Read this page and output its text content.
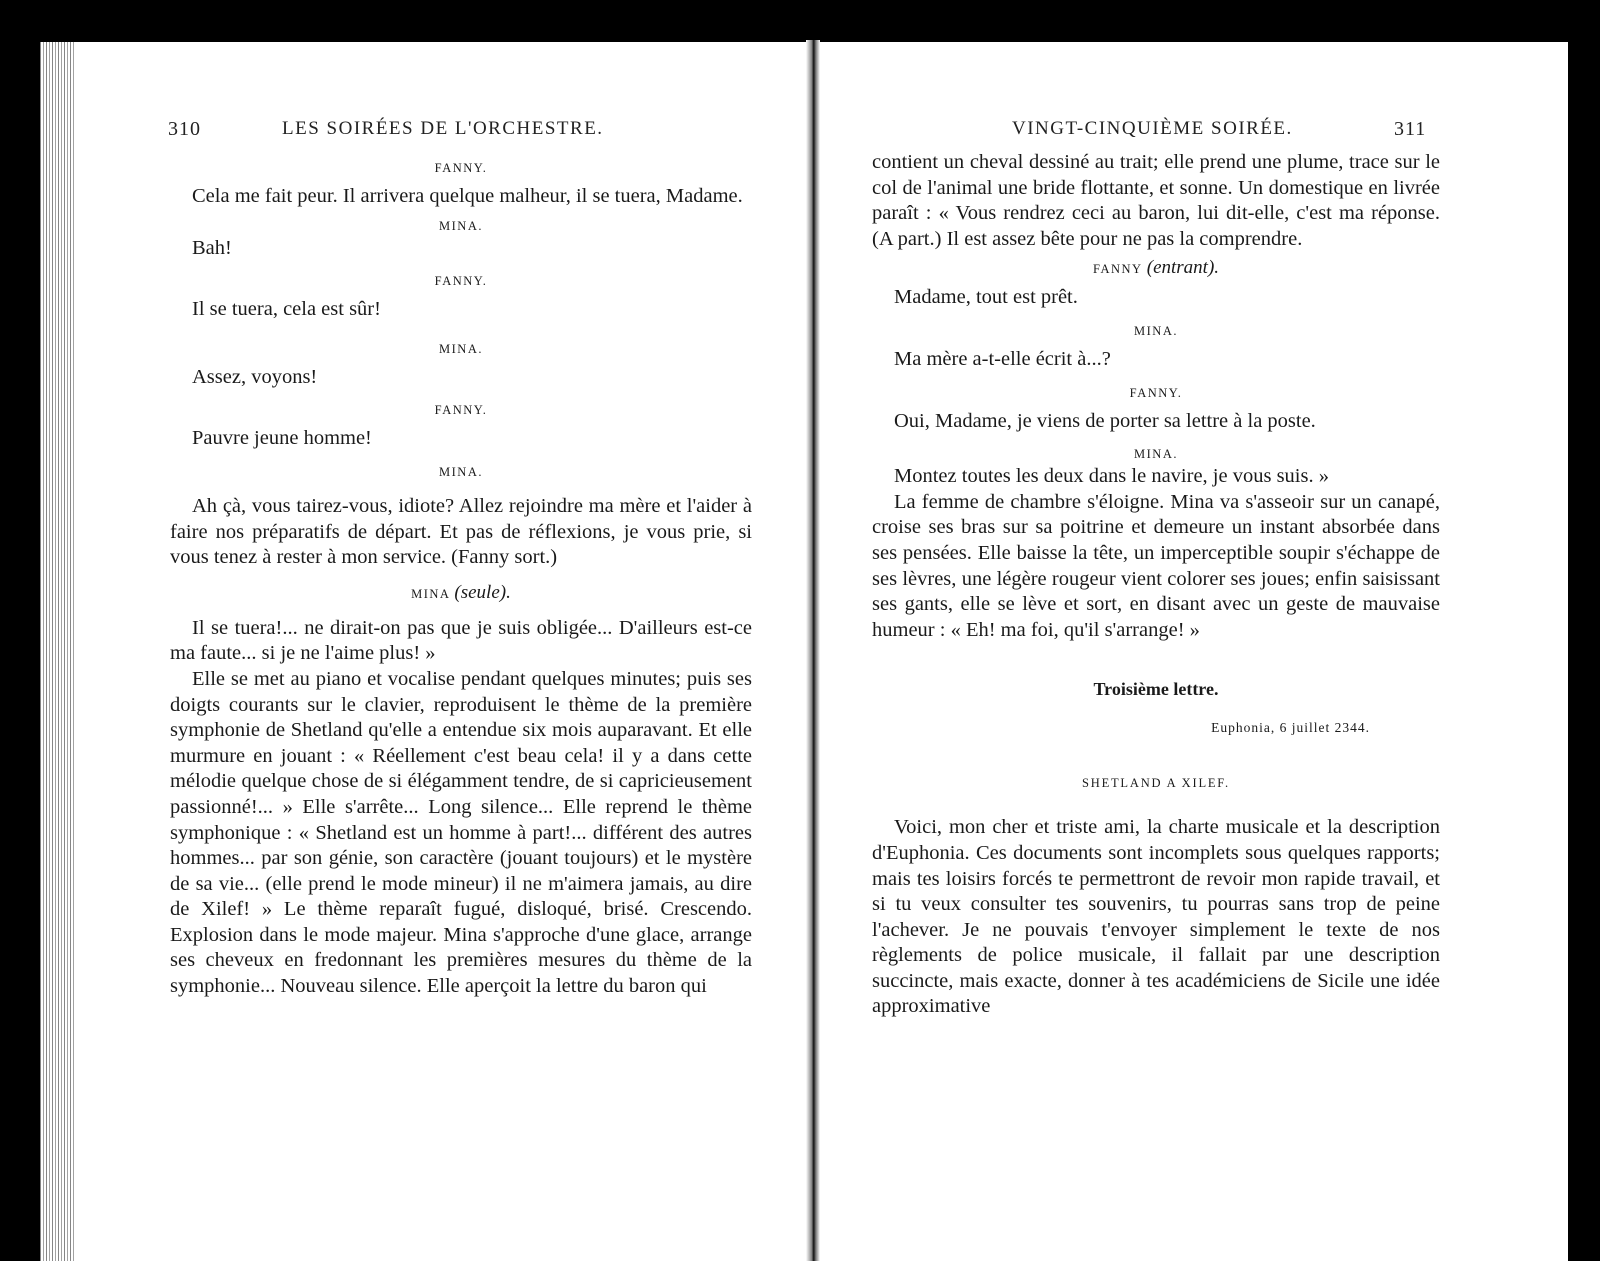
310	LES SOIRÉES DE L'ORCHESTRE.	VINGT-CINQUIÈME SOIRÉE.	311
FANNY.

Cela me fait peur. Il arrivera quelque malheur, il se tuera, Madame.

MINA.

Bah!

FANNY.

Il se tuera, cela est sûr!

MINA.

Assez, voyons!

FANNY.

Pauvre jeune homme!

MINA.

Ah çà, vous tairez-vous, idiote? Allez rejoindre ma mère et l'aider à faire nos préparatifs de départ. Et pas de réflexions, je vous prie, si vous tenez à rester à mon service. (Fanny sort.)

MINA (seule).

Il se tuera!... ne dirait-on pas que je suis obligée... D'ailleurs est-ce ma faute... si je ne l'aime plus! »

Elle se met au piano et vocalise pendant quelques minutes; puis ses doigts courants sur le clavier, reproduisent le thème de la première symphonie de Shetland qu'elle a entendue six mois auparavant. Et elle murmure en jouant : « Réellement c'est beau cela! il y a dans cette mélodie quelque chose de si élégamment tendre, de si capricieusement passionné!... » Elle s'arrête... Long silence... Elle reprend le thème symphonique : « Shetland est un homme à part!... différent des autres hommes... par son génie, son caractère (jouant toujours) et le mystère de sa vie... (elle prend le mode mineur) il ne m'aimera jamais, au dire de Xilef! » Le thème reparaît fugué, disloqué, brisé. Crescendo. Explosion dans le mode majeur. Mina s'approche d'une glace, arrange ses cheveux en fredonnant les premières mesures du thème de la symphonie... Nouveau silence. Elle aperçoit la lettre du baron qui

contient un cheval dessiné au trait; elle prend une plume, trace sur le col de l'animal une bride flottante, et sonne. Un domestique en livrée paraît : « Vous rendrez ceci au baron, lui dit-elle, c'est ma réponse. (A part.) Il est assez bête pour ne pas la comprendre.

FANNY (entrant).

Madame, tout est prêt.

MINA.

Ma mère a-t-elle écrit à...?

FANNY.

Oui, Madame, je viens de porter sa lettre à la poste.

MINA.

Montez toutes les deux dans le navire, je vous suis. »

La femme de chambre s'éloigne. Mina va s'asseoir sur un canapé, croise ses bras sur sa poitrine et demeure un instant absorbée dans ses pensées. Elle baisse la tête, un imperceptible soupir s'échappe de ses lèvres, une légère rougeur vient colorer ses joues; enfin saisissant ses gants, elle se lève et sort, en disant avec un geste de mauvaise humeur : « Eh! ma foi, qu'il s'arrange! »

Troisième lettre.
Euphonia, 6 juillet 2344.
SHETLAND A XILEF.

Voici, mon cher et triste ami, la charte musicale et la description d'Euphonia. Ces documents sont incomplets sous quelques rapports; mais tes loisirs forcés te permettront de revoir mon rapide travail, et si tu veux consulter tes souvenirs, tu pourras sans trop de peine l'achever. Je ne pouvais t'envoyer simplement le texte de nos règlements de police musicale, il fallait par une description succincte, mais exacte, donner à tes académiciens de Sicile une idée approximative
